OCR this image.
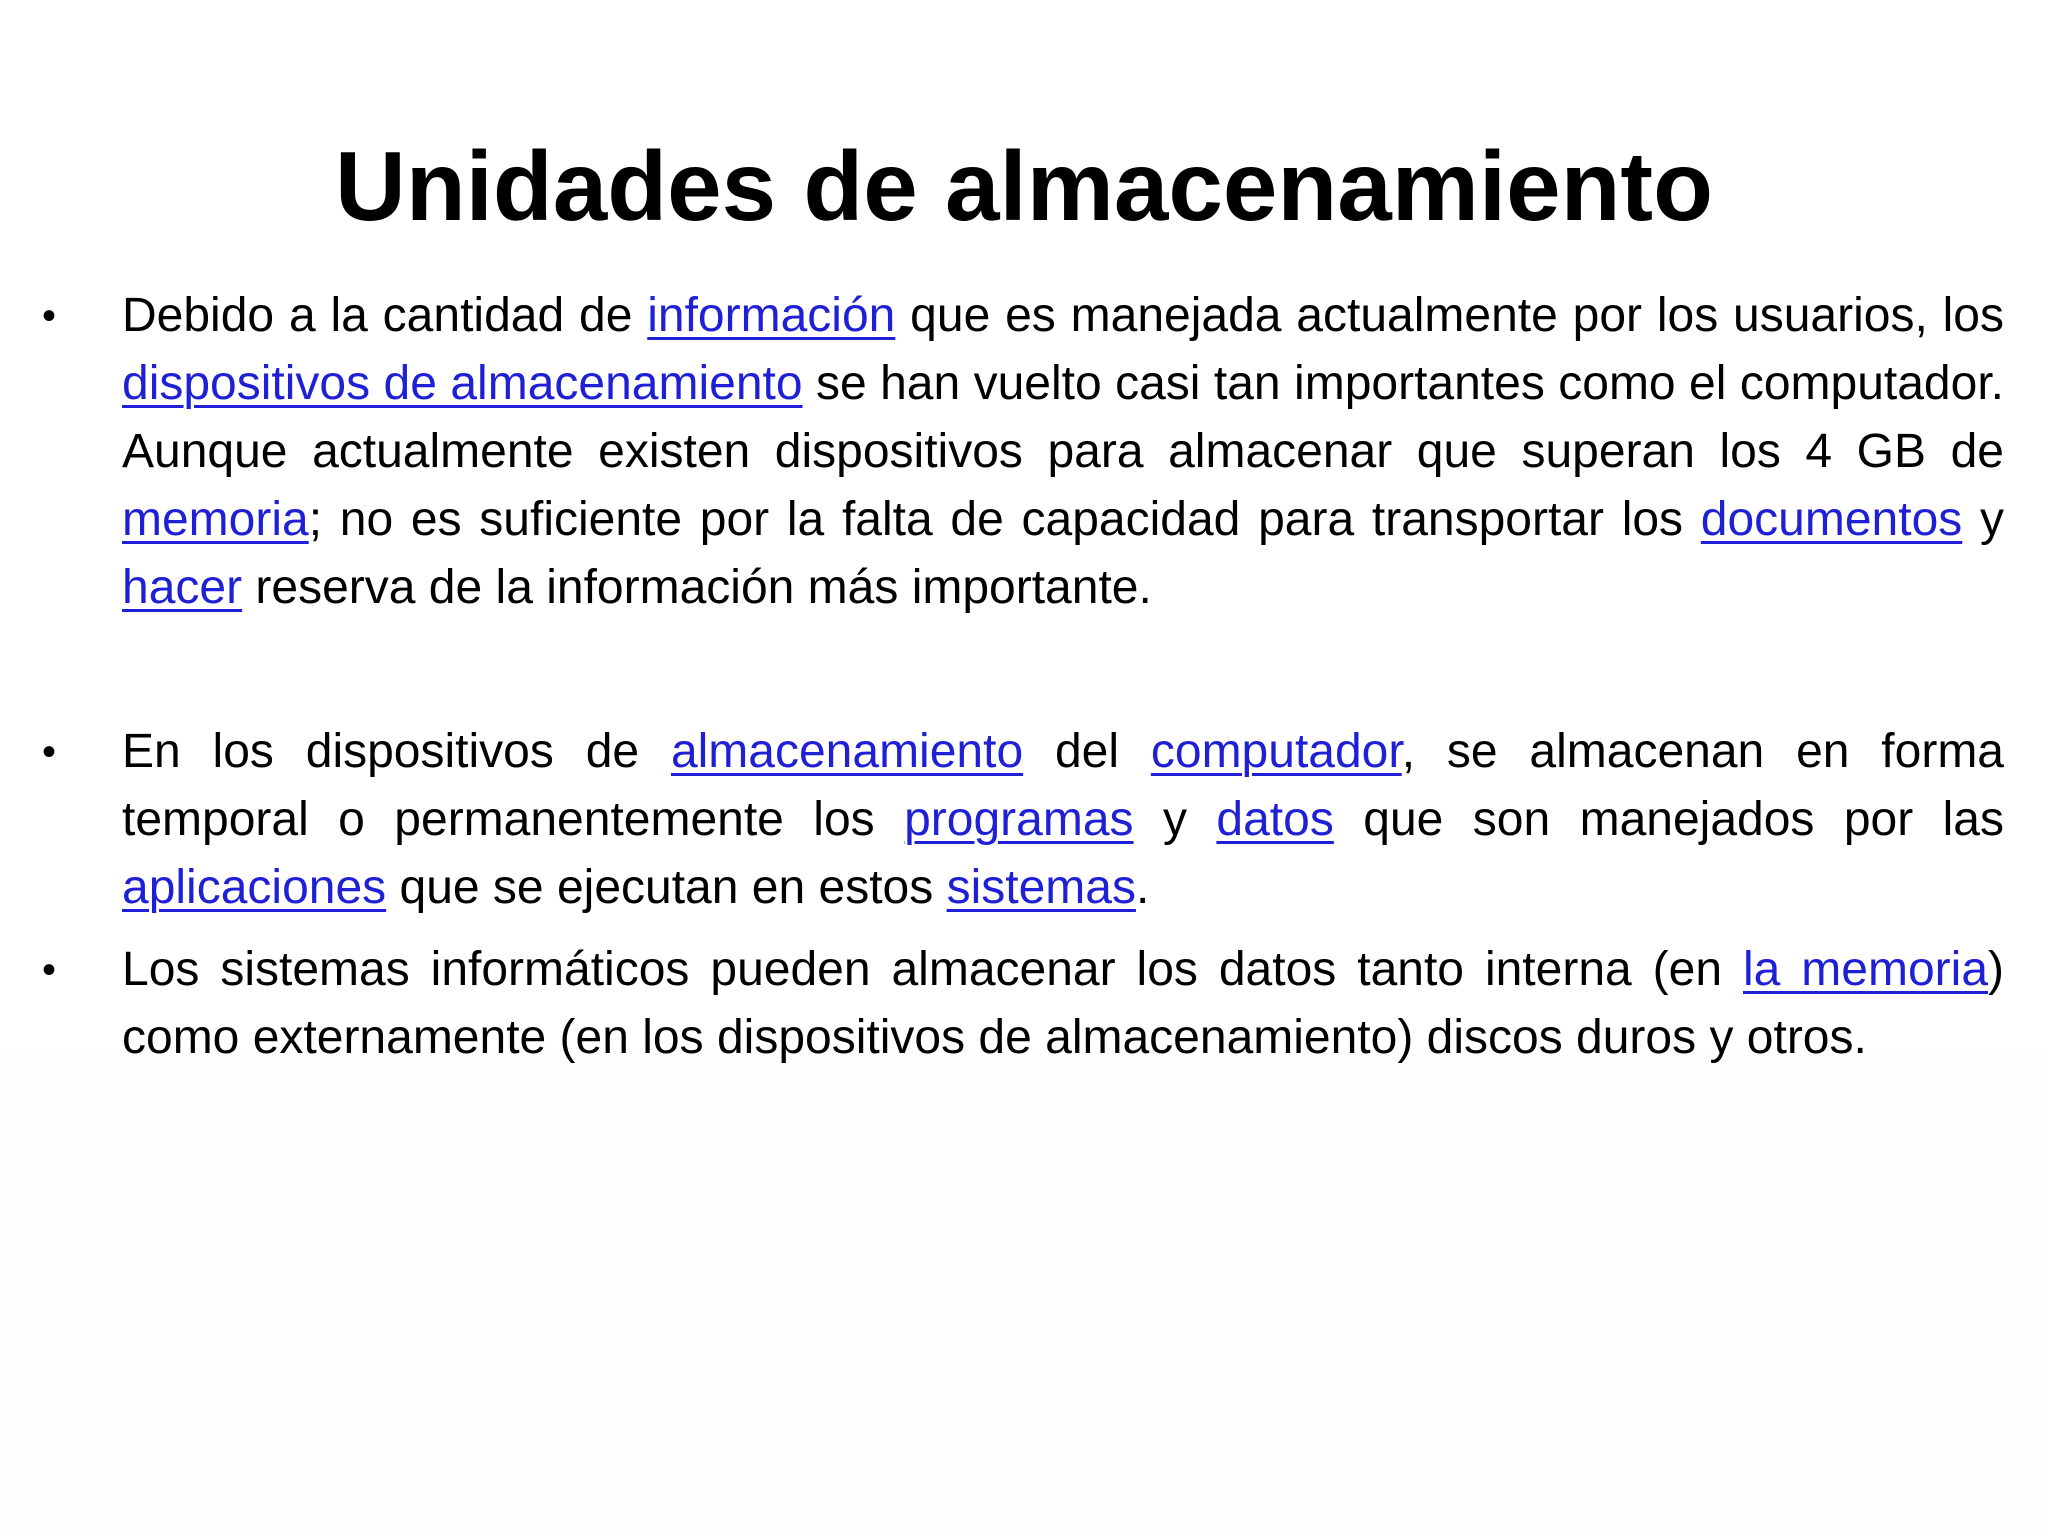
Unidades de almacenamiento
• Debido a la cantidad de información que es manejada actualmente por los usuarios, los dispositivos de almacenamiento se han vuelto casi tan importantes como el computador. Aunque actualmente existen dispositivos para almacenar que superan los 4 GB de memoria; no es suficiente por la falta de capacidad para transportar los documentos y hacer reserva de la información más importante.
• En los dispositivos de almacenamiento del computador, se almacenan en forma temporal o permanentemente los programas y datos que son manejados por las aplicaciones que se ejecutan en estos sistemas.
• Los sistemas informáticos pueden almacenar los datos tanto interna (en la memoria) como externamente (en los dispositivos de almacenamiento) discos duros y otros.
